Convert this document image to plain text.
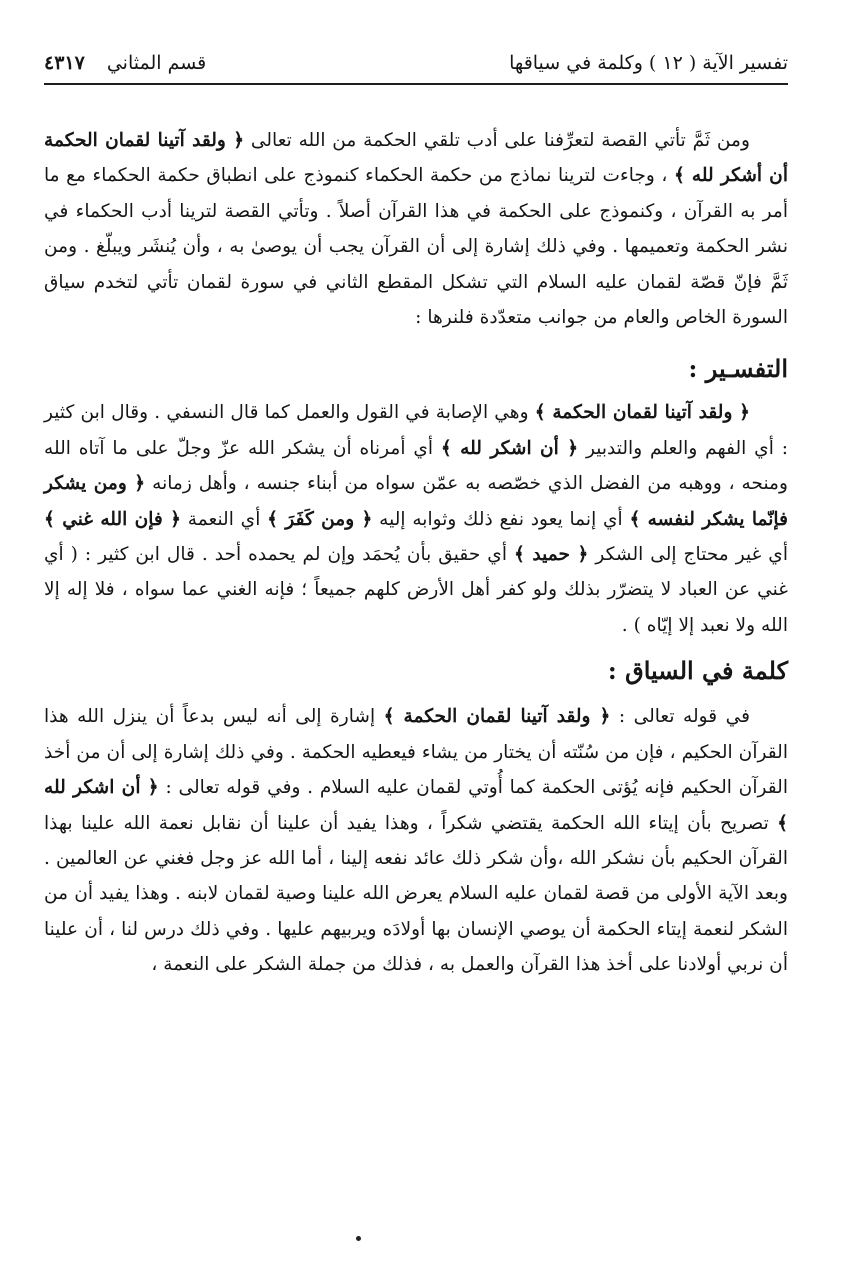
تفسير الآية ( ١٢ ) وكلمة في سياقها
قسم المثاني
٤٣١٧

ومن ثَمَّ تأتي القصة لتعرِّفنا على أدب تلقي الحكمة من الله تعالى ﴿ ولقد آتينا لقمان الحكمة أن أشكر لله ﴾ ، وجاءت لترينا نماذج من حكمة الحكماء كنموذج على انطباق حكمة الحكماء مع ما أمر به القرآن ، وكنموذج على الحكمة في هذا القرآن أصلاً . وتأتي القصة لترينا أدب الحكماء في نشر الحكمة وتعميمها . وفي ذلك إشارة إلى أن القرآن يجب أن يوصىٰ به ، وأن يُنشَر ويبلّغ . ومن ثَمَّ فإنّ قصّة لقمان عليه السلام التي تشكل المقطع الثاني في سورة لقمان تأتي لتخدم سياق السورة الخاص والعام من جوانب متعدّدة فلنرها :

التفسـير :

﴿ ولقد آتينا لقمان الحكمة ﴾ وهي الإصابة في القول والعمل كما قال النسفي . وقال ابن كثير : أي الفهم والعلم والتدبير ﴿ أن اشكر لله ﴾ أي أمرناه أن يشكر الله عزّ وجلّ على ما آتاه الله ومنحه ، ووهبه من الفضل الذي خصّصه به عمّن سواه من أبناء جنسه ، وأهل زمانه ﴿ ومن يشكر فإنّما يشكر لنفسه ﴾ أي إنما يعود نفع ذلك وثوابه إليه ﴿ ومن كَفَرَ ﴾ أي النعمة ﴿ فإن الله غني ﴾ أي غير محتاج إلى الشكر ﴿ حميد ﴾ أي حقيق بأن يُحمَد وإن لم يحمده أحد . قال ابن كثير : ( أي غني عن العباد لا يتضرّر بذلك ولو كفر أهل الأرض كلهم جميعاً ؛ فإنه الغني عما سواه ، فلا إله إلا الله ولا نعبد إلا إيّاه ) .

كلمة في السياق :

في قوله تعالى : ﴿ ولقد آتينا لقمان الحكمة ﴾ إشارة إلى أنه ليس بدعاً أن ينزل الله هذا القرآن الحكيم ، فإن من سُنّته أن يختار من يشاء فيعطيه الحكمة . وفي ذلك إشارة إلى أن من أخذ القرآن الحكيم فإنه يُؤتى الحكمة كما أُوتي لقمان عليه السلام . وفي قوله تعالى : ﴿ أن اشكر لله ﴾ تصريح بأن إيتاء الله الحكمة يقتضي شكراً ، وهذا يفيد أن علينا أن نقابل نعمة الله علينا بهذا القرآن الحكيم بأن نشكر الله ،وأن شكر ذلك عائد نفعه إلينا ، أما الله عز وجل فغني عن العالمين . وبعد الآية الأولى من قصة لقمان عليه السلام يعرض الله علينا وصية لقمان لابنه . وهذا يفيد أن من الشكر لنعمة إيتاء الحكمة أن يوصي الإنسان بها أولادَه ويربيهم عليها . وفي ذلك درس لنا ، أن علينا أن نربي أولادنا على أخذ هذا القرآن والعمل به ، فذلك من جملة الشكر على النعمة ،
